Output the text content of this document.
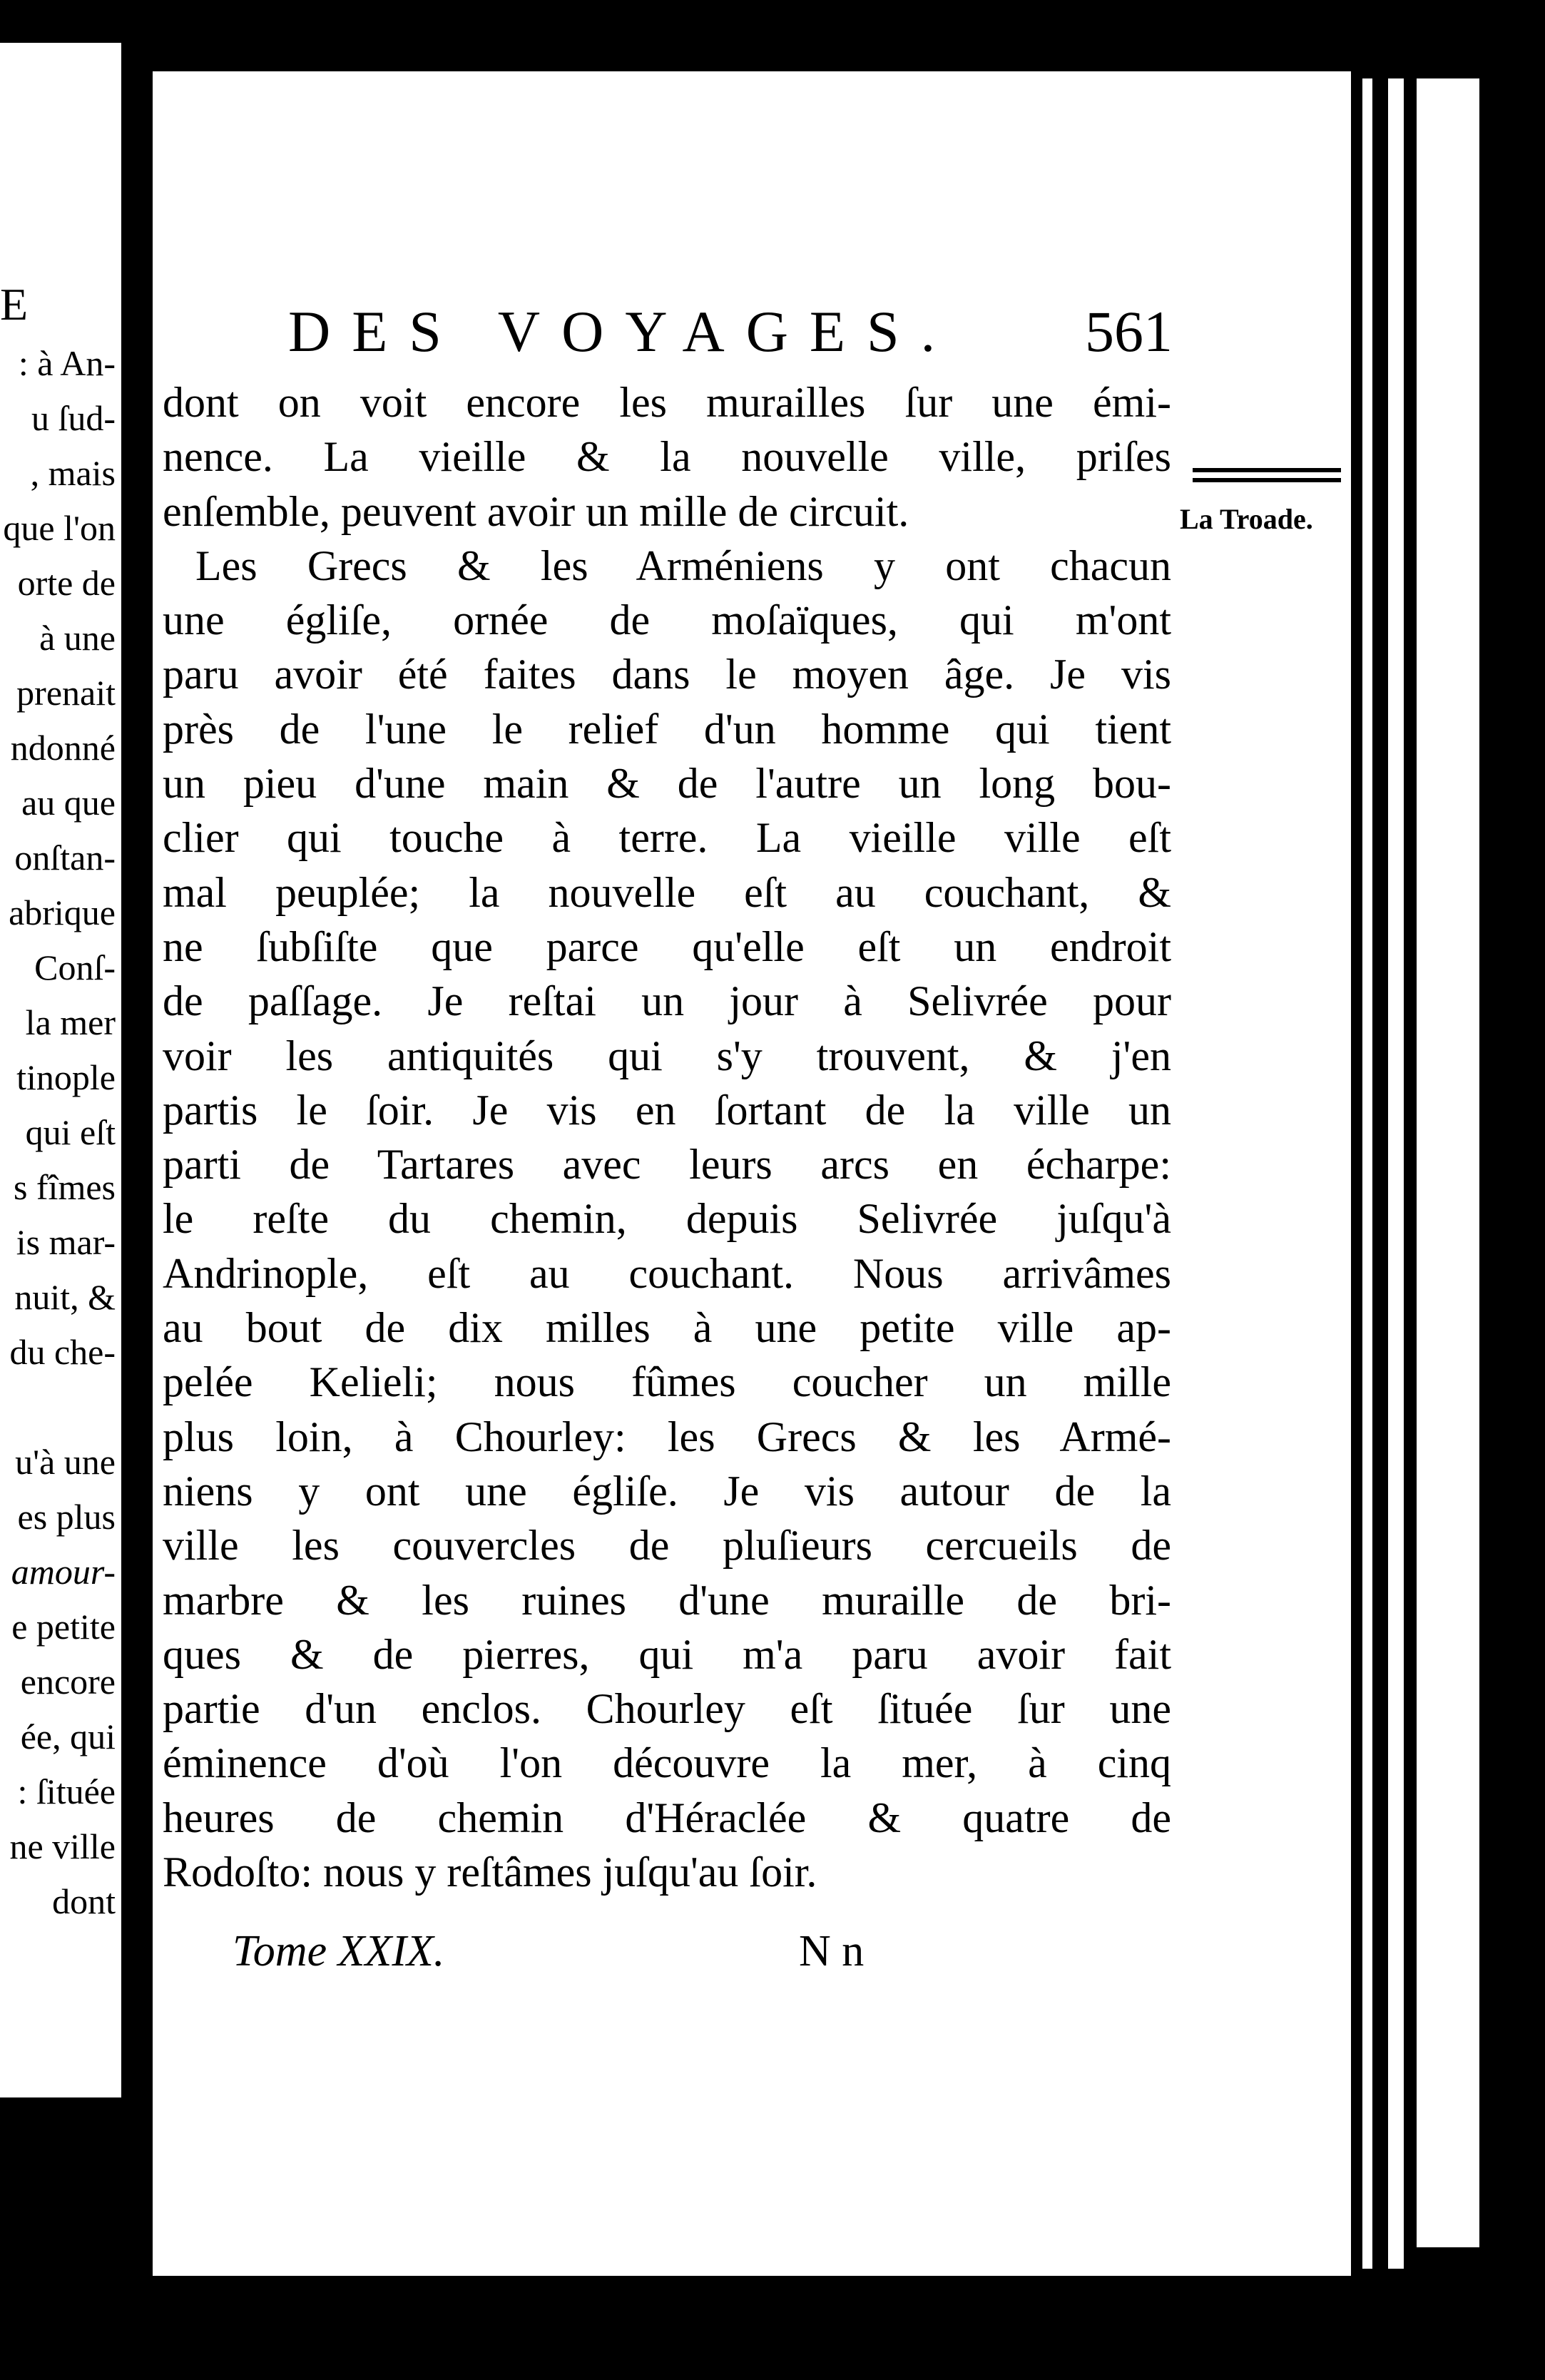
E
: à An-
u ſud-
, mais
que l'on
orte de
à une
prenait
ndonné
au que
onſtan-
abrique
Conſ-
la mer
tinople
qui eſt
s fîmes
is mar-
nuit, &
du che-
u'à une
es plus
amour-
e petite
encore
ée, qui
: ſituée
ne ville
dont
DES VOYAGES. 561
dont on voit encore les murailles ſur une émi-
nence. La vieille & la nouvelle ville, priſes
enſemble, peuvent avoir un mille de circuit.
Les Grecs & les Arméniens y ont chacun
une égliſe, ornée de moſaïques, qui m'ont
paru avoir été faites dans le moyen âge. Je vis
près de l'une le relief d'un homme qui tient
un pieu d'une main & de l'autre un long bou-
clier qui touche à terre. La vieille ville eſt
mal peuplée; la nouvelle eſt au couchant, &
ne ſubſiſte que parce qu'elle eſt un endroit
de paſſage. Je reſtai un jour à Selivrée pour
voir les antiquités qui s'y trouvent, & j'en
partis le ſoir. Je vis en ſortant de la ville un
parti de Tartares avec leurs arcs en écharpe:
le reſte du chemin, depuis Selivrée juſqu'à
Andrinople, eſt au couchant. Nous arrivâmes
au bout de dix milles à une petite ville ap-
pelée Kelieli; nous fûmes coucher un mille
plus loin, à Chourley: les Grecs & les Armé-
niens y ont une égliſe. Je vis autour de la
ville les couvercles de pluſieurs cercueils de
marbre & les ruines d'une muraille de bri-
ques & de pierres, qui m'a paru avoir fait
partie d'un enclos. Chourley eſt ſituée ſur une
éminence d'où l'on découvre la mer, à cinq
heures de chemin d'Héraclée & quatre de
Rodoſto: nous y reſtâmes juſqu'au ſoir.
La Troade.
Tome XXIX.	N n
